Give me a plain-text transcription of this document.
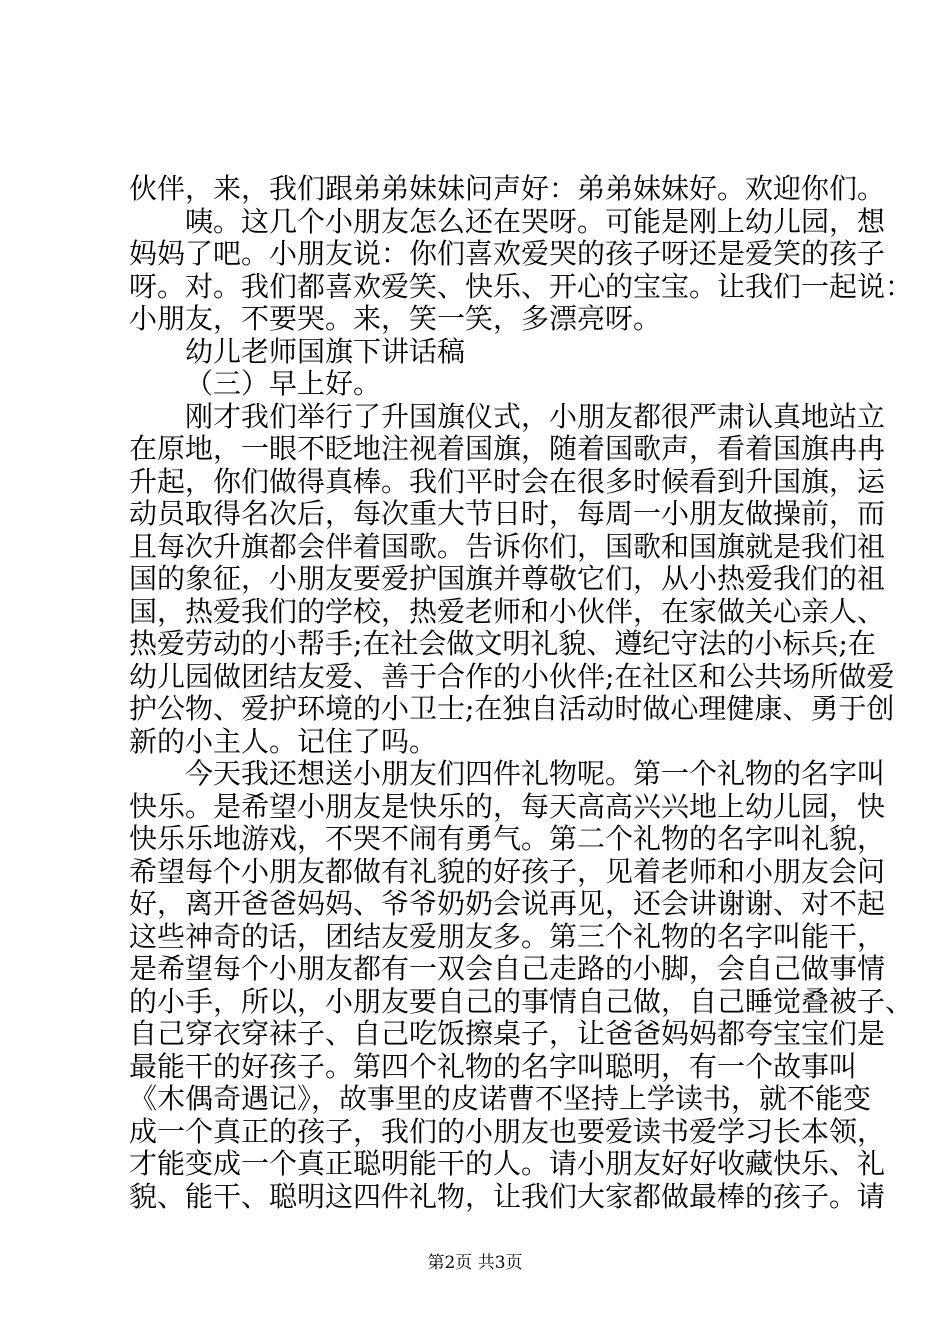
伙伴，来，我们跟弟弟妹妹问声好：弟弟妹妹好。欢迎你们。
咦。这几个小朋友怎么还在哭呀。可能是刚上幼儿园，想
妈妈了吧。小朋友说：你们喜欢爱哭的孩子呀还是爱笑的孩子
呀。对。我们都喜欢爱笑、快乐、开心的宝宝。让我们一起说：
小朋友，不要哭。来，笑一笑，多漂亮呀。
幼儿老师国旗下讲话稿
（三）早上好。
刚才我们举行了升国旗仪式，小朋友都很严肃认真地站立
在原地，一眼不眨地注视着国旗，随着国歌声，看着国旗冉冉
升起，你们做得真棒。我们平时会在很多时候看到升国旗，运
动员取得名次后，每次重大节日时，每周一小朋友做操前，而
且每次升旗都会伴着国歌。告诉你们，国歌和国旗就是我们祖
国的象征，小朋友要爱护国旗并尊敬它们，从小热爱我们的祖
国，热爱我们的学校，热爱老师和小伙伴，在家做关心亲人、
热爱劳动的小帮手;在社会做文明礼貌、遵纪守法的小标兵;在
幼儿园做团结友爱、善于合作的小伙伴;在社区和公共场所做爱
护公物、爱护环境的小卫士;在独自活动时做心理健康、勇于创
新的小主人。记住了吗。
今天我还想送小朋友们四件礼物呢。第一个礼物的名字叫
快乐。是希望小朋友是快乐的，每天高高兴兴地上幼儿园，快
快乐乐地游戏，不哭不闹有勇气。第二个礼物的名字叫礼貌，
希望每个小朋友都做有礼貌的好孩子，见着老师和小朋友会问
好，离开爸爸妈妈、爷爷奶奶会说再见，还会讲谢谢、对不起
这些神奇的话，团结友爱朋友多。第三个礼物的名字叫能干，
是希望每个小朋友都有一双会自己走路的小脚，会自己做事情
的小手，所以，小朋友要自己的事情自己做，自己睡觉叠被子、
自己穿衣穿袜子、自己吃饭擦桌子，让爸爸妈妈都夸宝宝们是
最能干的好孩子。第四个礼物的名字叫聪明，有一个故事叫
《木偶奇遇记》，故事里的皮诺曹不坚持上学读书，就不能变
成一个真正的孩子，我们的小朋友也要爱读书爱学习长本领，
才能变成一个真正聪明能干的人。请小朋友好好收藏快乐、礼
貌、能干、聪明这四件礼物，让我们大家都做最棒的孩子。请
第2页 共3页
